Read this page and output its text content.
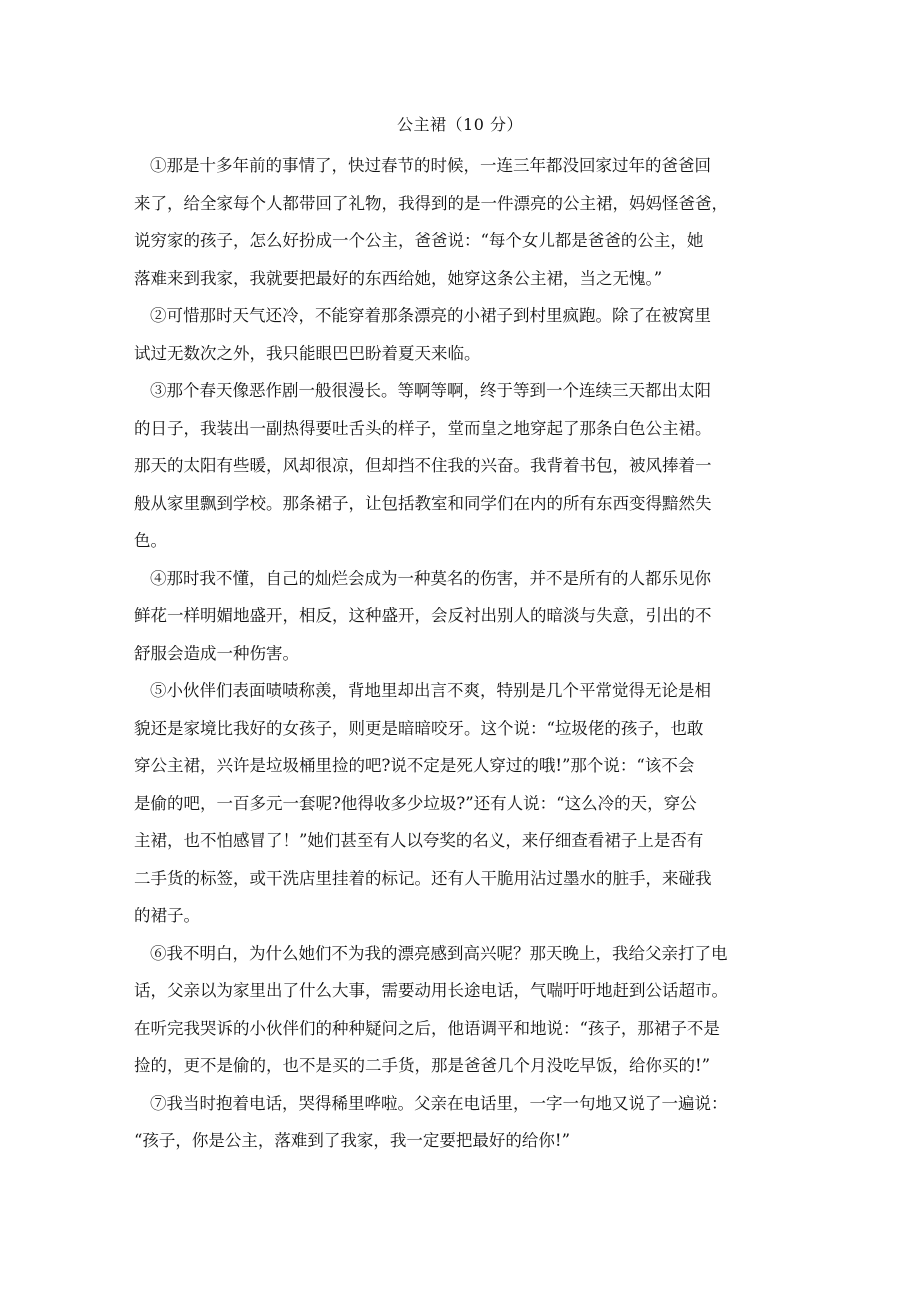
公主裙（10 分）

①那是十多年前的事情了，快过春节的时候，一连三年都没回家过年的爸爸回
来了，给全家每个人都带回了礼物，我得到的是一件漂亮的公主裙，妈妈怪爸爸，
说穷家的孩子，怎么好扮成一个公主，爸爸说：“每个女儿都是爸爸的公主，她
落难来到我家，我就要把最好的东西给她，她穿这条公主裙，当之无愧。”

②可惜那时天气还冷，不能穿着那条漂亮的小裙子到村里疯跑。除了在被窝里
试过无数次之外，我只能眼巴巴盼着夏天来临。

③那个春天像恶作剧一般很漫长。等啊等啊，终于等到一个连续三天都出太阳
的日子，我装出一副热得要吐舌头的样子，堂而皇之地穿起了那条白色公主裙。
那天的太阳有些暖，风却很凉，但却挡不住我的兴奋。我背着书包，被风捧着一
般从家里飘到学校。那条裙子，让包括教室和同学们在内的所有东西变得黯然失
色。

④那时我不懂，自己的灿烂会成为一种莫名的伤害，并不是所有的人都乐见你
鲜花一样明媚地盛开，相反，这种盛开，会反衬出别人的暗淡与失意，引出的不
舒服会造成一种伤害。

⑤小伙伴们表面啧啧称羡，背地里却出言不爽，特别是几个平常觉得无论是相
貌还是家境比我好的女孩子，则更是暗暗咬牙。这个说：“垃圾佬的孩子，也敢
穿公主裙，兴许是垃圾桶里捡的吧?说不定是死人穿过的哦!”那个说：“该不会
是偷的吧，一百多元一套呢?他得收多少垃圾?”还有人说：“这么冷的天，穿公
主裙，也不怕感冒了！”她们甚至有人以夸奖的名义，来仔细查看裙子上是否有
二手货的标签，或干洗店里挂着的标记。还有人干脆用沾过墨水的脏手，来碰我
的裙子。

⑥我不明白，为什么她们不为我的漂亮感到高兴呢？那天晚上，我给父亲打了电
话，父亲以为家里出了什么大事，需要动用长途电话，气喘吁吁地赶到公话超市。
在听完我哭诉的小伙伴们的种种疑问之后，他语调平和地说：“孩子，那裙子不是
捡的，更不是偷的，也不是买的二手货，那是爸爸几个月没吃早饭，给你买的!”

⑦我当时抱着电话，哭得稀里哗啦。父亲在电话里，一字一句地又说了一遍说：
“孩子，你是公主，落难到了我家，我一定要把最好的给你!”
